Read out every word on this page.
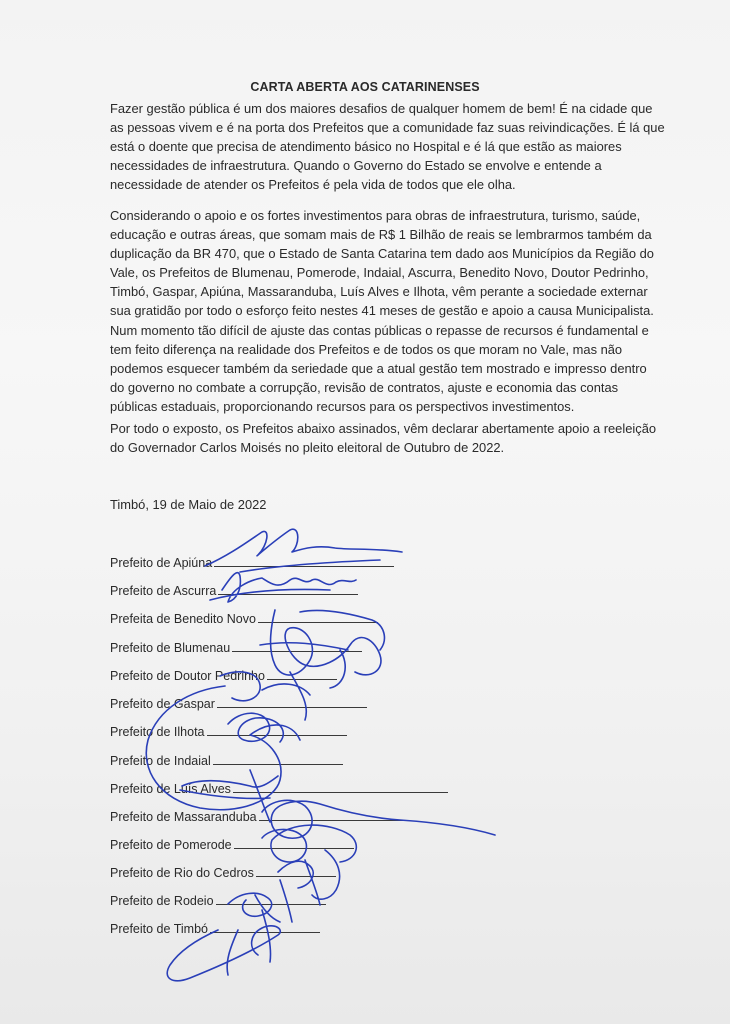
CARTA ABERTA AOS CATARINENSES
Fazer gestão pública é um dos maiores desafios de qualquer homem de bem! É na cidade que
as pessoas vivem e é na porta dos Prefeitos que a comunidade faz suas reivindicações. É lá que
está o doente que precisa de atendimento básico no Hospital e é lá que estão as maiores
necessidades de infraestrutura. Quando o Governo do Estado se envolve e entende a
necessidade de atender os Prefeitos é pela vida de todos que ele olha.
Considerando o apoio e os fortes investimentos para obras de infraestrutura, turismo, saúde,
educação e outras áreas, que somam mais de R$ 1 Bilhão de reais se lembrarmos também da
duplicação da BR 470, que o Estado de Santa Catarina tem dado aos Municípios da Região do
Vale, os Prefeitos de Blumenau, Pomerode, Indaial, Ascurra, Benedito Novo, Doutor Pedrinho,
Timbó, Gaspar, Apiúna, Massaranduba, Luís Alves e Ilhota, vêm perante a sociedade externar
sua gratidão por todo o esforço feito nestes 41 meses de gestão e apoio a causa Municipalista.
Num momento tão difícil de ajuste das contas públicas o repasse de recursos é fundamental e
tem feito diferença na realidade dos Prefeitos e de todos os que moram no Vale, mas não
podemos esquecer também da seriedade que a atual gestão tem mostrado e impresso dentro
do governo no combate a corrupção, revisão de contratos, ajuste e economia das contas
públicas estaduais, proporcionando recursos para os perspectivos investimentos.
Por todo o exposto, os Prefeitos abaixo assinados, vêm declarar abertamente apoio a reeleição
do Governador Carlos Moisés no pleito eleitoral de Outubro de 2022.
Timbó, 19 de Maio de 2022
Prefeito de Apiúna
Prefeito de Ascurra
Prefeita de Benedito Novo
Prefeito de Blumenau
Prefeito de Doutor Pedrinho
Prefeito de Gaspar
Prefeito de Ilhota
Prefeito de Indaial
Prefeito de Luís Alves
Prefeito de Massaranduba
Prefeito de Pomerode
Prefeito de Rio do Cedros
Prefeito de Rodeio
Prefeito de Timbó
